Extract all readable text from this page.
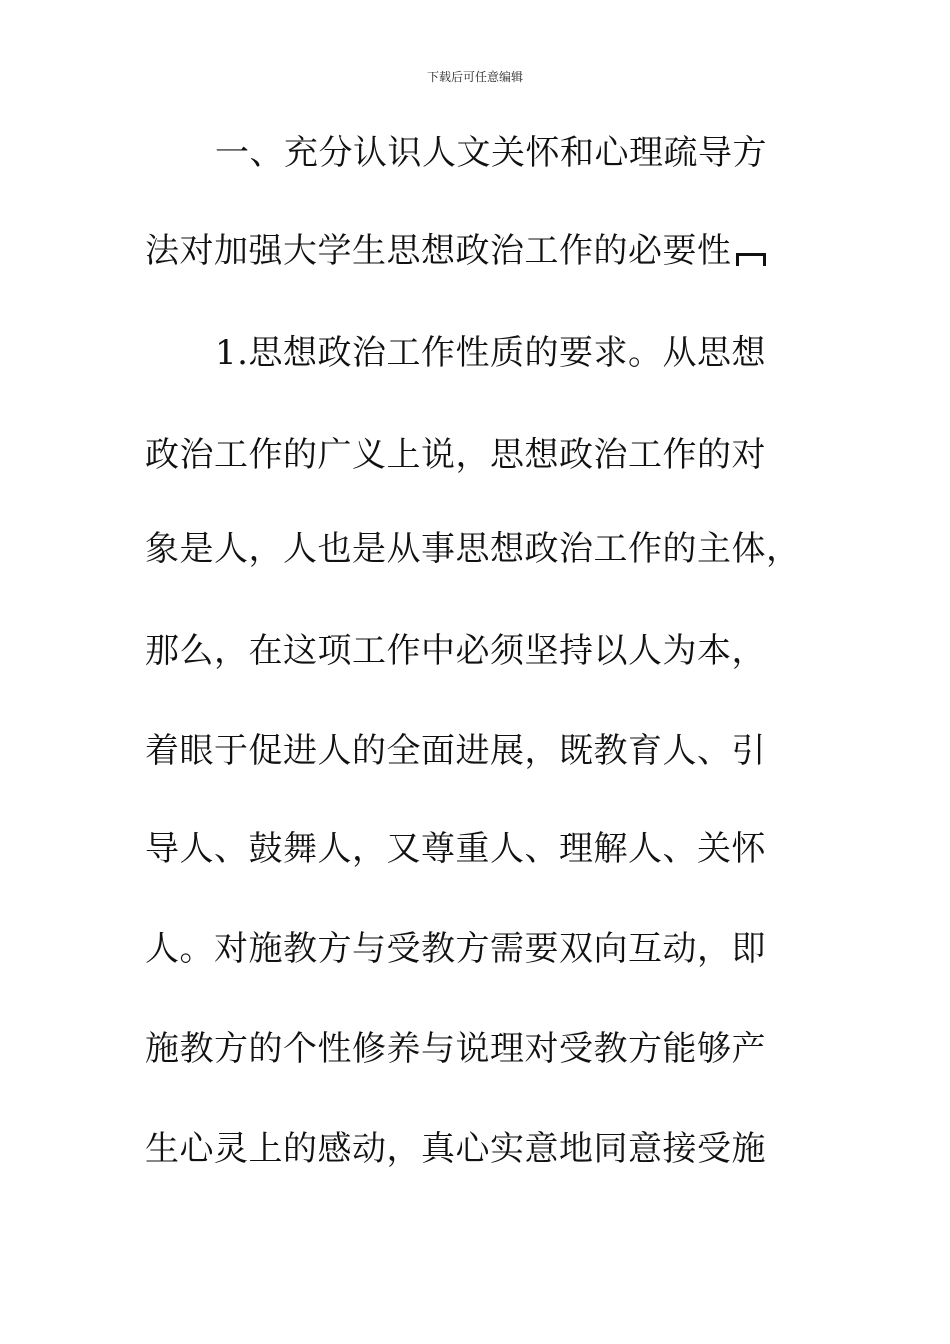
下载后可任意编辑
一、充分认识人文关怀和心理疏导方
法对加强大学生思想政治工作的必要性
1.思想政治工作性质的要求。从思想
政治工作的广义上说，思想政治工作的对
象是人，人也是从事思想政治工作的主体，
那么，在这项工作中必须坚持以人为本，
着眼于促进人的全面进展，既教育人、引
导人、鼓舞人，又尊重人、理解人、关怀
人。对施教方与受教方需要双向互动，即
施教方的个性修养与说理对受教方能够产
生心灵上的感动，真心实意地同意接受施
